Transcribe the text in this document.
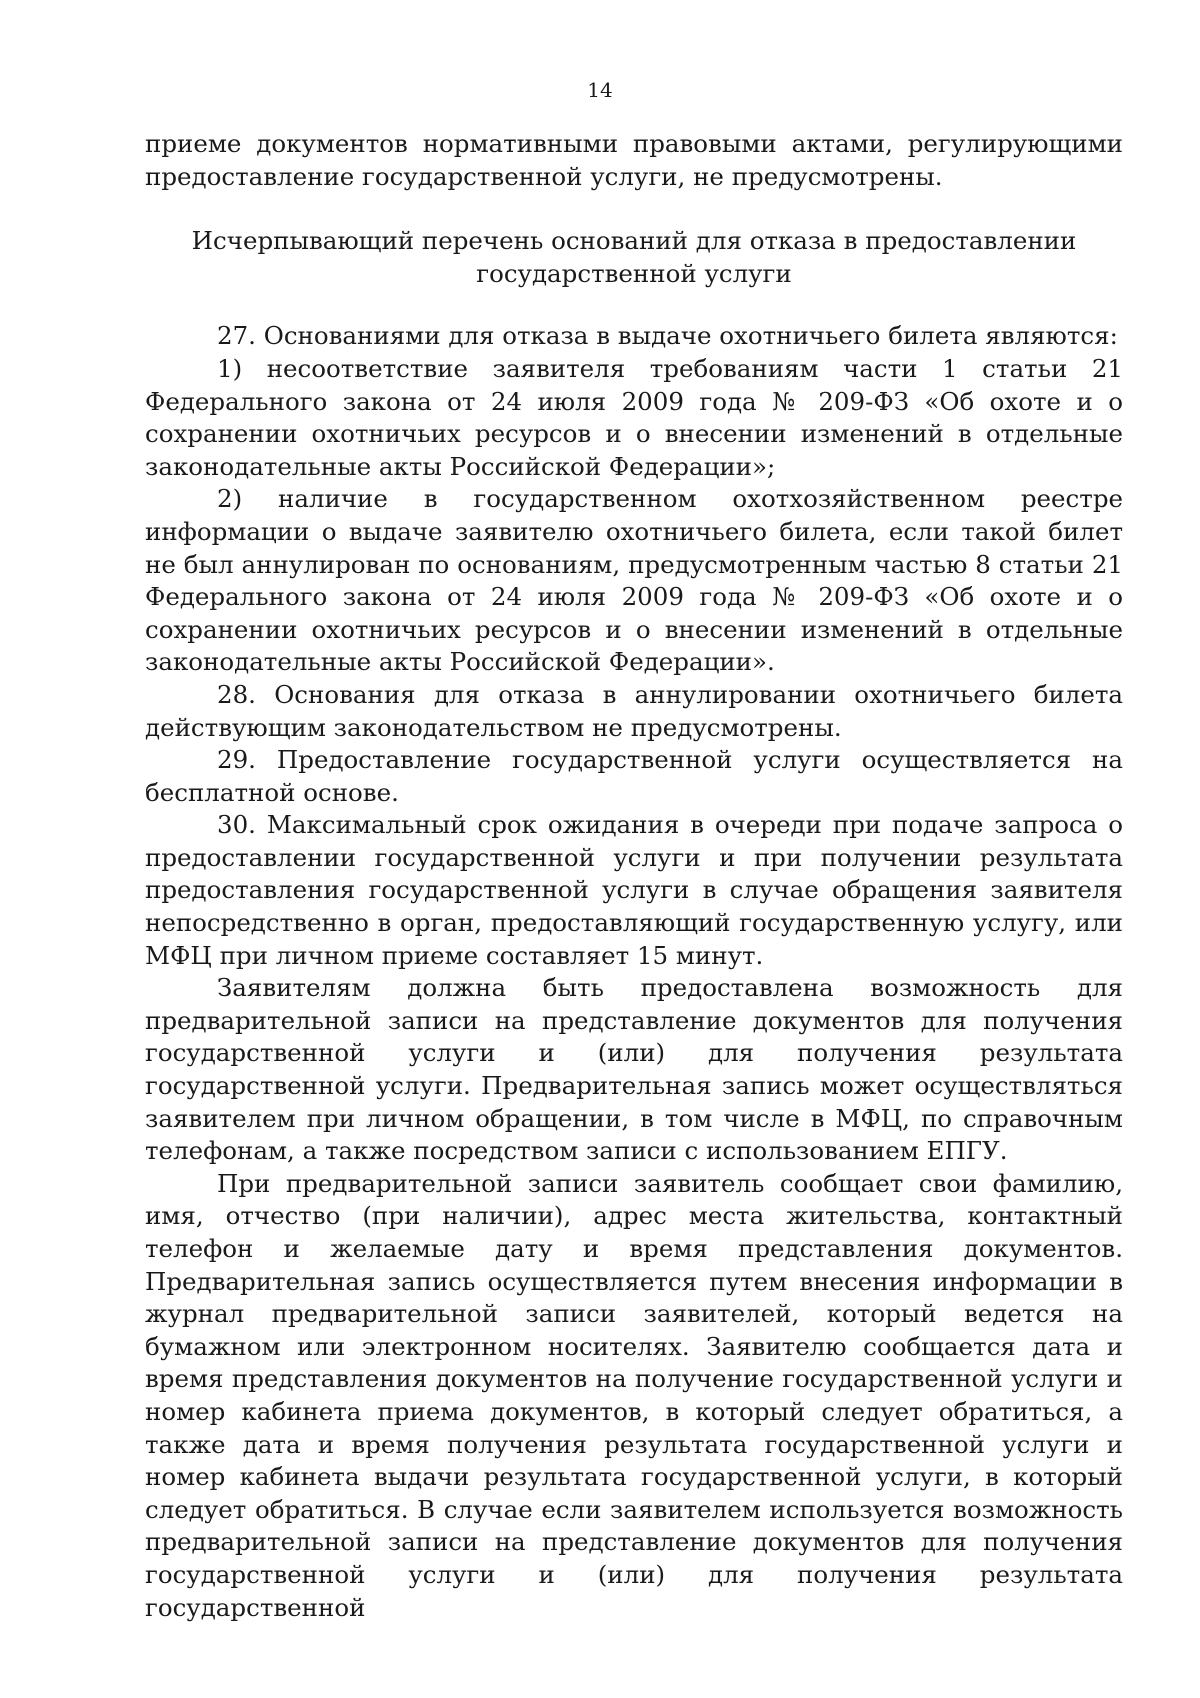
14

приеме документов нормативными правовыми актами, регулирующими предоставление государственной услуги, не предусмотрены.

Исчерпывающий перечень оснований для отказа в предоставлении
государственной услуги

27. Основаниями для отказа в выдаче охотничьего билета являются:

1) несоответствие заявителя требованиям части 1 статьи 21 Федерального закона от 24 июля 2009 года № 209-ФЗ «Об охоте и о сохранении охотничьих ресурсов и о внесении изменений в отдельные законодательные акты Российской Федерации»;

2) наличие в государственном охотхозяйственном реестре информации о выдаче заявителю охотничьего билета, если такой билет не был аннулирован по основаниям, предусмотренным частью 8 статьи 21 Федерального закона от 24 июля 2009 года № 209-ФЗ «Об охоте и о сохранении охотничьих ресурсов и о внесении изменений в отдельные законодательные акты Российской Федерации».

28. Основания для отказа в аннулировании охотничьего билета действующим законодательством не предусмотрены.

29. Предоставление государственной услуги осуществляется на бесплатной основе.

30. Максимальный срок ожидания в очереди при подаче запроса о предоставлении государственной услуги и при получении результата предоставления государственной услуги в случае обращения заявителя непосредственно в орган, предоставляющий государственную услугу, или МФЦ при личном приеме составляет 15 минут.

Заявителям должна быть предоставлена возможность для предварительной записи на представление документов для получения государственной услуги и (или) для получения результата государственной услуги. Предварительная запись может осуществляться заявителем при личном обращении, в том числе в МФЦ, по справочным телефонам, а также посредством записи с использованием ЕПГУ.

При предварительной записи заявитель сообщает свои фамилию, имя, отчество (при наличии), адрес места жительства, контактный телефон и желаемые дату и время представления документов. Предварительная запись осуществляется путем внесения информации в журнал предварительной записи заявителей, который ведется на бумажном или электронном носителях. Заявителю сообщается дата и время представления документов на получение государственной услуги и номер кабинета приема документов, в который следует обратиться, а также дата и время получения результата государственной услуги и номер кабинета выдачи результата государственной услуги, в который следует обратиться. В случае если заявителем используется возможность предварительной записи на представление документов для получения государственной услуги и (или) для получения результата государственной
